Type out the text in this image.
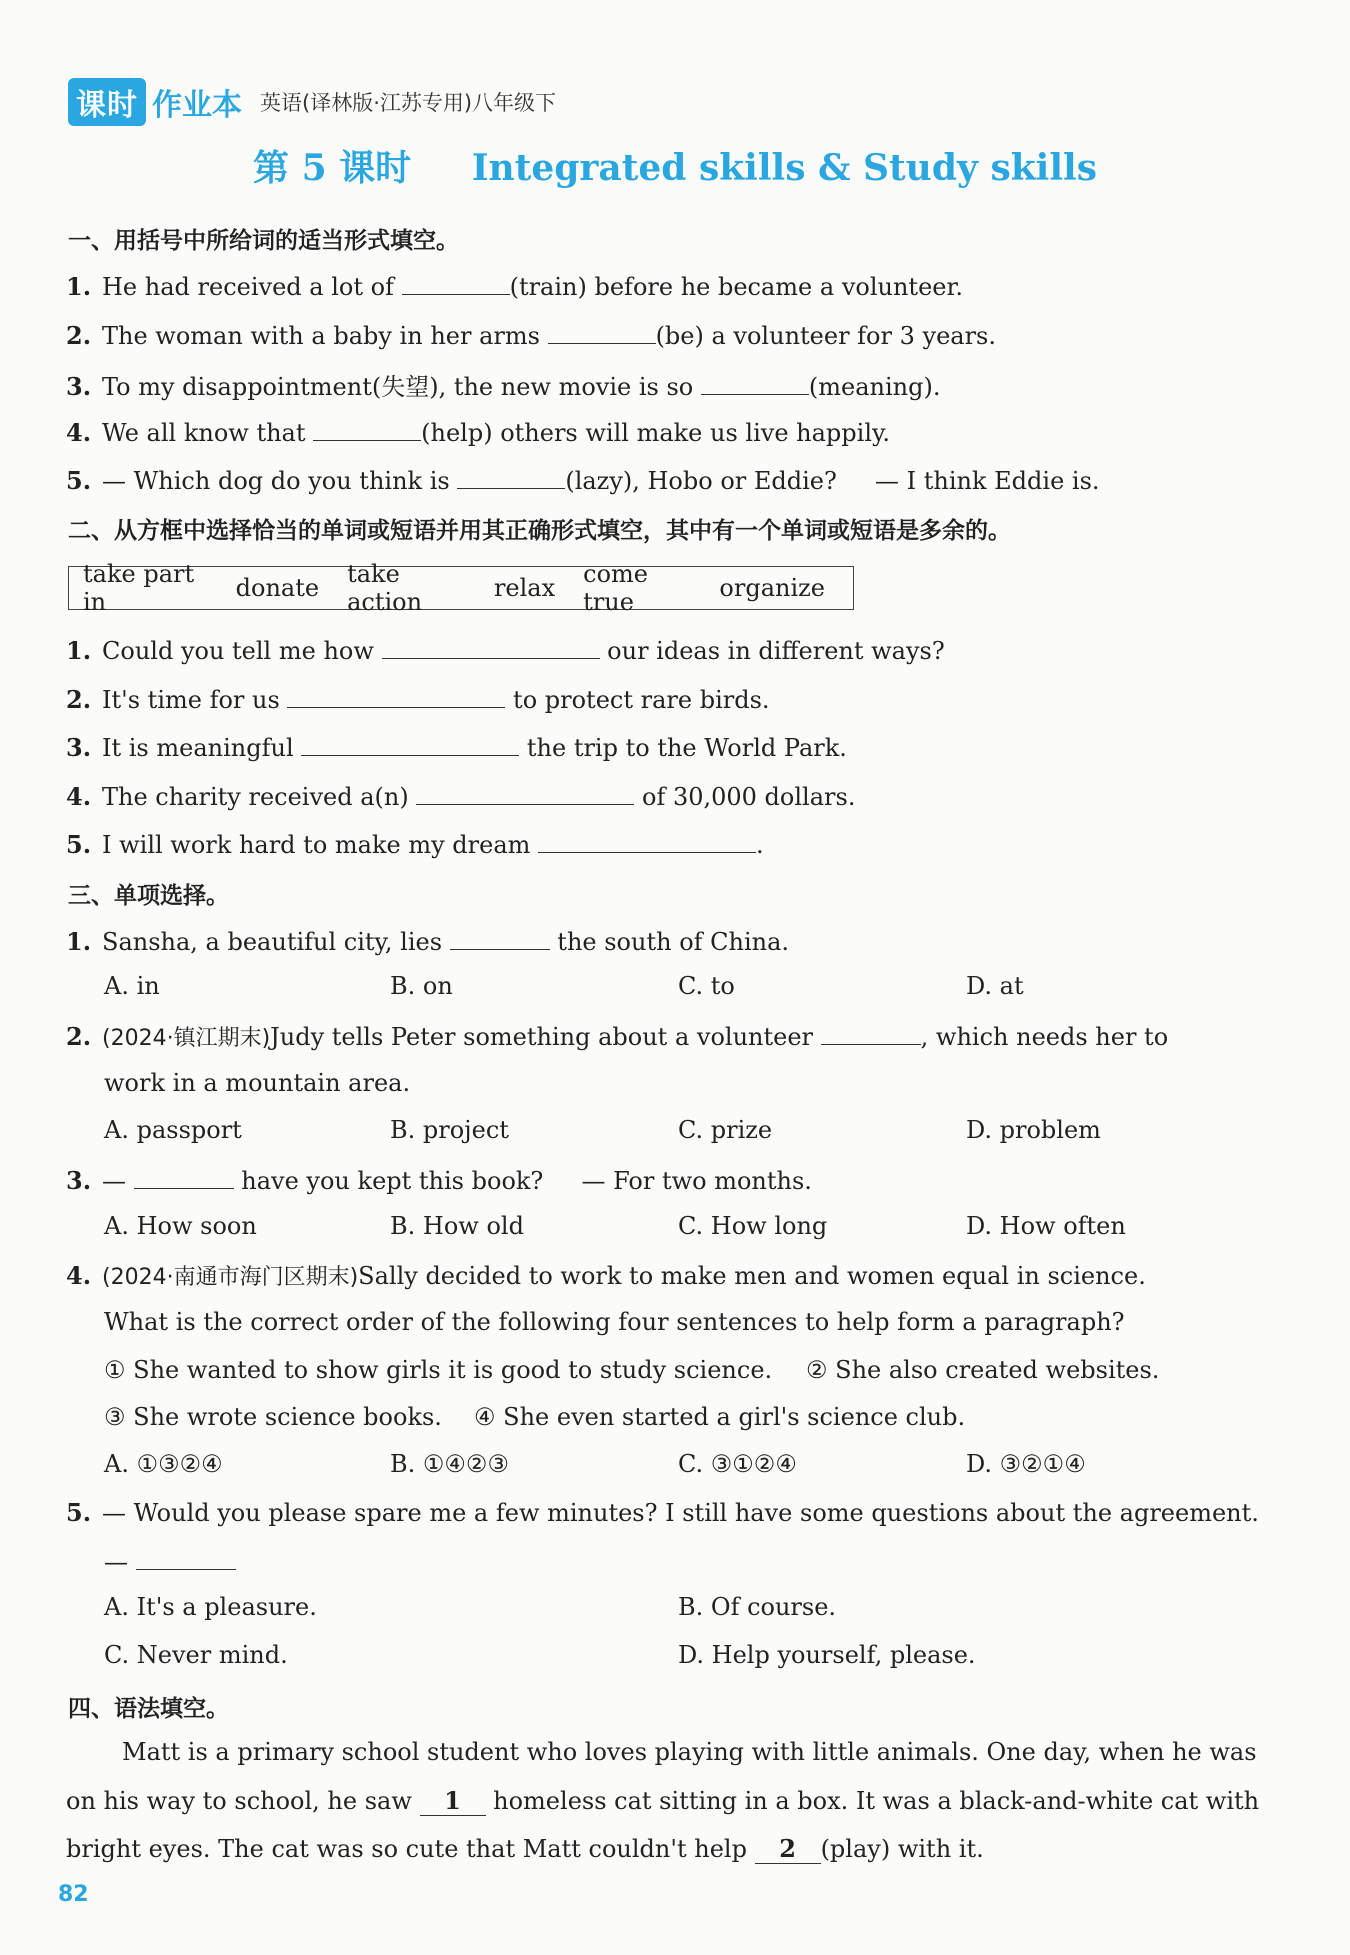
课时 作业本 英语(译林版·江苏专用)八年级下
第 5 课时 Integrated skills & Study skills
一、用括号中所给词的适当形式填空。
1. He had received a lot of	(train) before he became a volunteer.
2. The woman with a baby in her arms	(be) a volunteer for 3 years.
3. To my disappointment(失望), the new movie is so	(meaning).
4. We all know that	(help) others will make us live happily.
5. — Which dog do you think is	(lazy), Hobo or Eddie?     — I think Eddie is.
二、从方框中选择恰当的单词或短语并用其正确形式填空，其中有一个单词或短语是多余的。
take part in	donate take action	relax come true	organize
1. Could you tell me how	our ideas in different ways?
2. It's time for us	to protect rare birds.
3. It is meaningful	the trip to the World Park.
4. The charity received a(n)	of 30,000 dollars.
5. I will work hard to make my dream	.
三、单项选择。
1. Sansha, a beautiful city, lies	the south of China.
A. in	B. on	C. to	D. at
2. (2024·镇江期末)Judy tells Peter something about a volunteer	, which needs her to
work in a mountain area.
A. passport	B. project	C. prize	D. problem
3. —	have you kept this book?     — For two months.
A. How soon	B. How old	C. How long	D. How often
4. (2024·南通市海门区期末)Sally decided to work to make men and women equal in science.
What is the correct order of the following four sentences to help form a paragraph?
① She wanted to show girls it is good to study science. ② She also created websites.
③ She wrote science books. ④ She even started a girl's science club.
A. ①③②④	B. ①④②③	C. ③①②④	D. ③②①④
5. — Would you please spare me a few minutes? I still have some questions about the agreement.
—
A. It's a pleasure.	B. Of course.
C. Never mind.	D. Help yourself, please.
四、语法填空。
Matt is a primary school student who loves playing with little animals. One day, when he was
on his way to school, he saw 1 homeless cat sitting in a box. It was a black-and-white cat with
bright eyes. The cat was so cute that Matt couldn't help 2 (play) with it.
82
